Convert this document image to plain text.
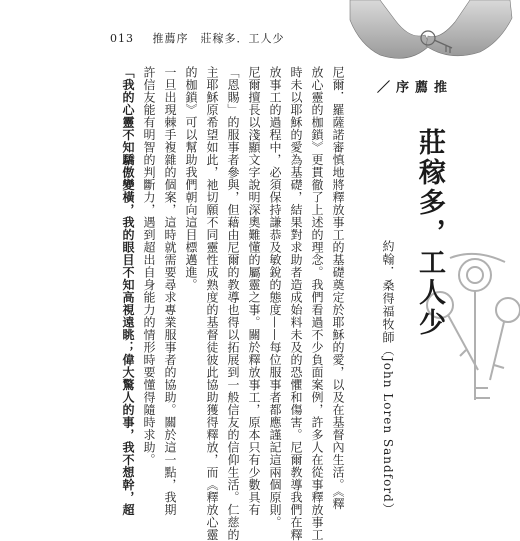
013 推薦序　莊稼多．工人少
推薦序／
莊稼多，工人少
約翰．桑得福牧師（John Loren Sandford）
尼爾．羅薩諾審慎地將釋放事工的基礎奠定於耶穌的愛，以及在基督內生活。《釋
放心靈的枷鎖》更貫徹了上述的理念。我們看過不少負面案例，許多人在從事釋放事工
時未以耶穌的愛為基礎，結果對求助者造成始料未及的恐懼和傷害。尼爾教導我們在釋
放事工的過程中，必須保持謙恭及敏銳的態度——每位服事者都應謹記這兩個原則。
尼爾擅長以淺顯文字說明深奧難懂的屬靈之事。關於釋放事工，原本只有少數具有
「恩賜」的服事者參與，但藉由尼爾的教導也得以拓展到一般信友的信仰生活。仁慈的
主耶穌原希望如此，祂切願不同靈性成熟度的基督徒彼此協助獲得釋放，而《釋放心靈
的枷鎖》可以幫助我們朝向這目標邁進。
一旦出現棘手複雜的個案，這時就需要尋求專業服事者的協助。關於這一點，我期
許信友能有明智的判斷力，遇到超出自身能力的情形時要懂得隨時求助。
「我的心靈不知驕傲變橫，我的眼目不知高視遠眺；偉大驚人的事，我不想幹，超
